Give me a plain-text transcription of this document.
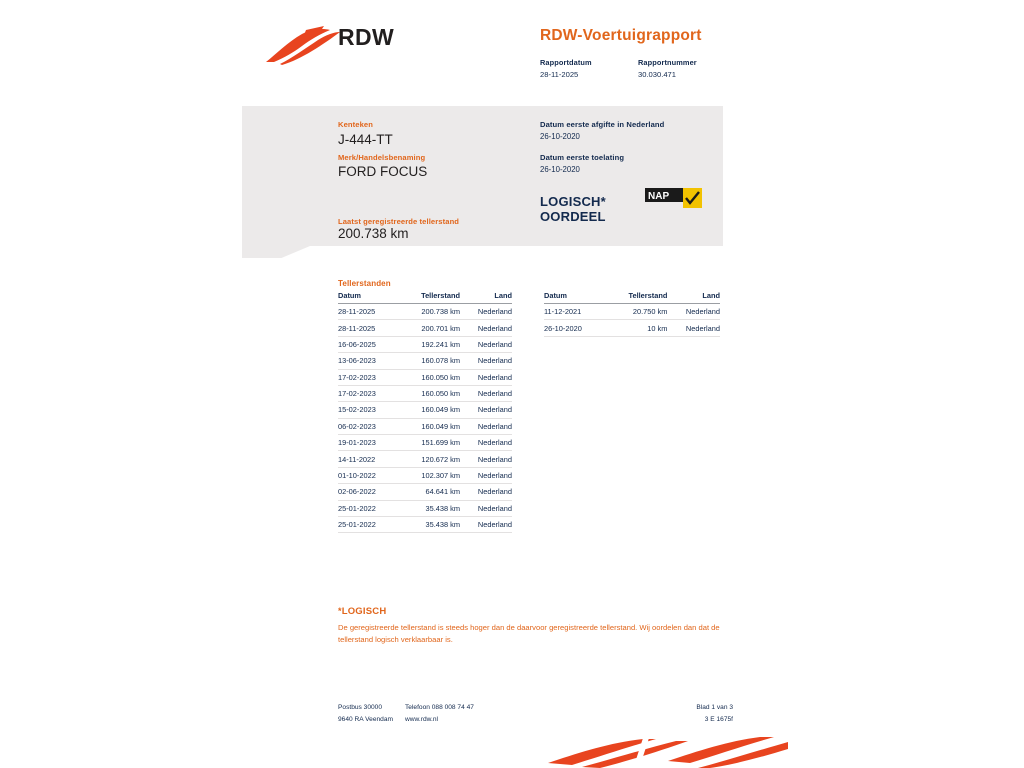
RDW	RDW-Voertuigrapport
Rapportdatum
28-11-2025
Rapportnummer
30.030.471
Kenteken
J-444-TT
Merk/Handelsbenaming
FORD FOCUS
Laatst geregistreerde tellerstand
200.738 km
Datum eerste afgifte in Nederland
26-10-2020
Datum eerste toelating
26-10-2020
LOGISCH*
OORDEEL
NAP
Tellerstanden
Datum	Tellerstand	Land
28-11-2025	200.738 km	Nederland
28-11-2025	200.701 km	Nederland
16-06-2025	192.241 km	Nederland
13-06-2023	160.078 km	Nederland
17-02-2023	160.050 km	Nederland
17-02-2023	160.050 km	Nederland
15-02-2023	160.049 km	Nederland
06-02-2023	160.049 km	Nederland
19-01-2023	151.699 km	Nederland
14-11-2022	120.672 km	Nederland
01-10-2022	102.307 km	Nederland
02-06-2022	64.641 km	Nederland
25-01-2022	35.438 km	Nederland
25-01-2022	35.438 km	Nederland
Datum	Tellerstand	Land
11-12-2021	20.750 km	Nederland
26-10-2020	10 km	Nederland
*LOGISCH
De geregistreerde tellerstand is steeds hoger dan de daarvoor geregistreerde tellerstand. Wij oordelen dan dat de tellerstand logisch verklaarbaar is.
Postbus 30000
9640 RA Veendam
Telefoon 088 008 74 47
www.rdw.nl
Blad 1 van 3
3 E 1675f
